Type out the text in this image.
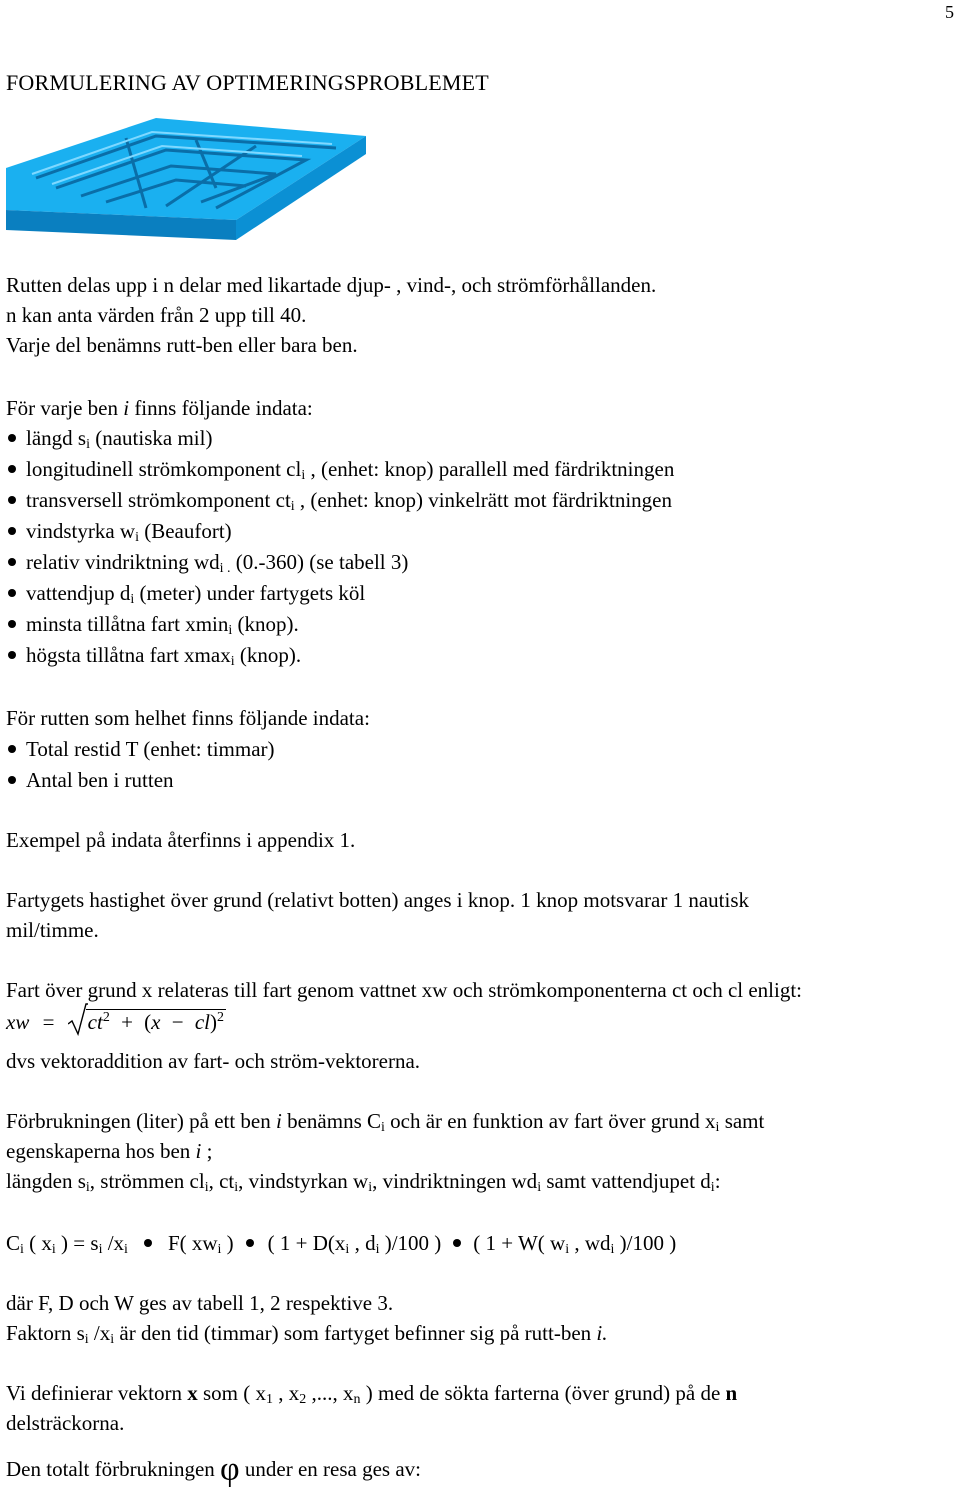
5
FORMULERING AV OPTIMERINGSPROBLEMET
Rutten delas upp i n delar med likartade djup- , vind-, och strömförhållanden.
n kan anta värden från 2 upp till 40.
Varje del benämns rutt-ben eller bara ben.
För varje ben i finns följande indata:
längd $s_i$ (nautiska mil)
longitudinell strömkomponent $cl_i$ , (enhet: knop) parallell med färdriktningen
transversell strömkomponent $ct_i$ , (enhet: knop) vinkelrätt mot färdriktningen
vindstyrka $w_i$ (Beaufort)
relativ vindriktning $wd_{i .}$ (0.-360) (se tabell 3)
vattendjup $d_i$ (meter) under fartygets köl
minsta tillåtna fart xmin$_i$ (knop).
högsta tillåtna fart xmax$_i$ (knop).
För rutten som helhet finns följande indata:
Total restid T (enhet: timmar)
Antal ben i rutten
Exempel på indata återfinns i appendix 1.
Fartygets hastighet över grund (relativt botten) anges i knop. 1 knop motsvarar 1 nautisk
mil/timme.
Fart över grund x relateras till fart genom vattnet xw och strömkomponenterna ct och cl enligt:
xw = $ct^2 + (x - cl)^2$
dvs vektoraddition av fart- och ström-vektorerna.
Förbrukningen (liter) på ett ben i benämns $C_i$ och är en funktion av fart över grund $x_i$ samt
egenskaperna hos ben i ;
längden $s_i$, strömmen $cl_i$, $ct_i$, vindstyrkan $w_i$, vindriktningen $wd_i$ samt vattendjupet $d_i$:
$C_i$ ( $x_i$ ) = $s_i$ $/x_i$ F( $xw_i$ ) ( $1 + D(x_i$ , $d_i$ )/100 ) ( 1 + W( $w_i$ , $wd_i$ )/100 )
där F, D och W ges av tabell 1, 2 respektive 3.
Faktorn $s_i$ $/x_i$ är den tid (timmar) som fartyget befinner sig på rutt-ben i.
Vi definierar vektorn x som ( $x_1$ , $x_2$ ,..., $x_n$ ) med de sökta farterna (över grund) på de n
delsträckorna.
Den totalt förbrukningen φ under en resa ges av:
